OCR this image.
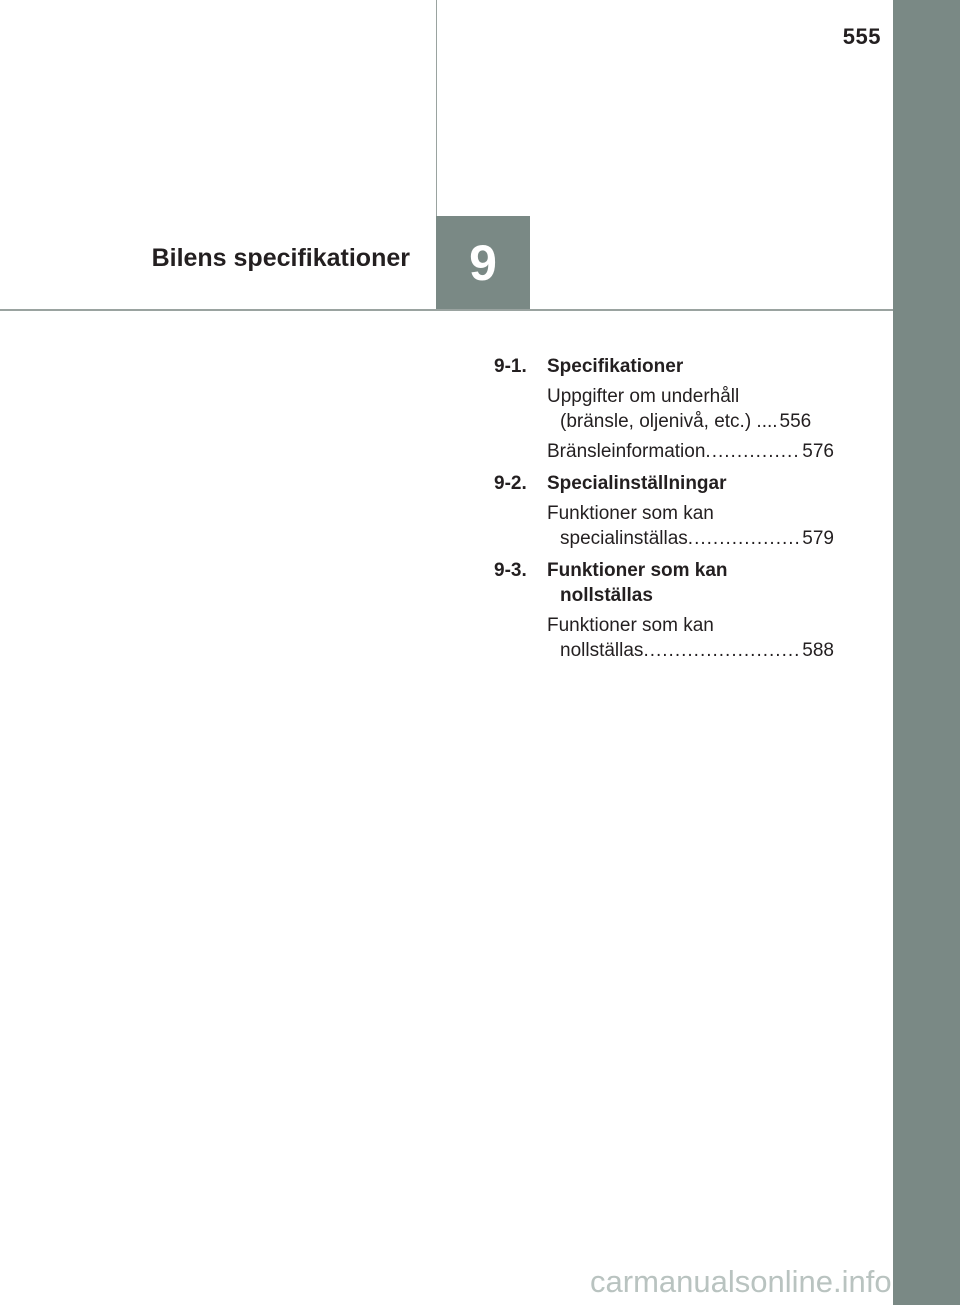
555
Bilens specifikationer 9
9-1.	Specifikationer
Uppgifter om underhåll
(bränsle, oljenivå, etc.) .... 556
Bränsleinformation .....	576
9-2.	Specialinställningar
Funktioner som kan
specialinställas .....	579
9-3.	Funktioner som kan
nollställas
Funktioner som kan
nollställas .....	588
carmanualsonline.info
